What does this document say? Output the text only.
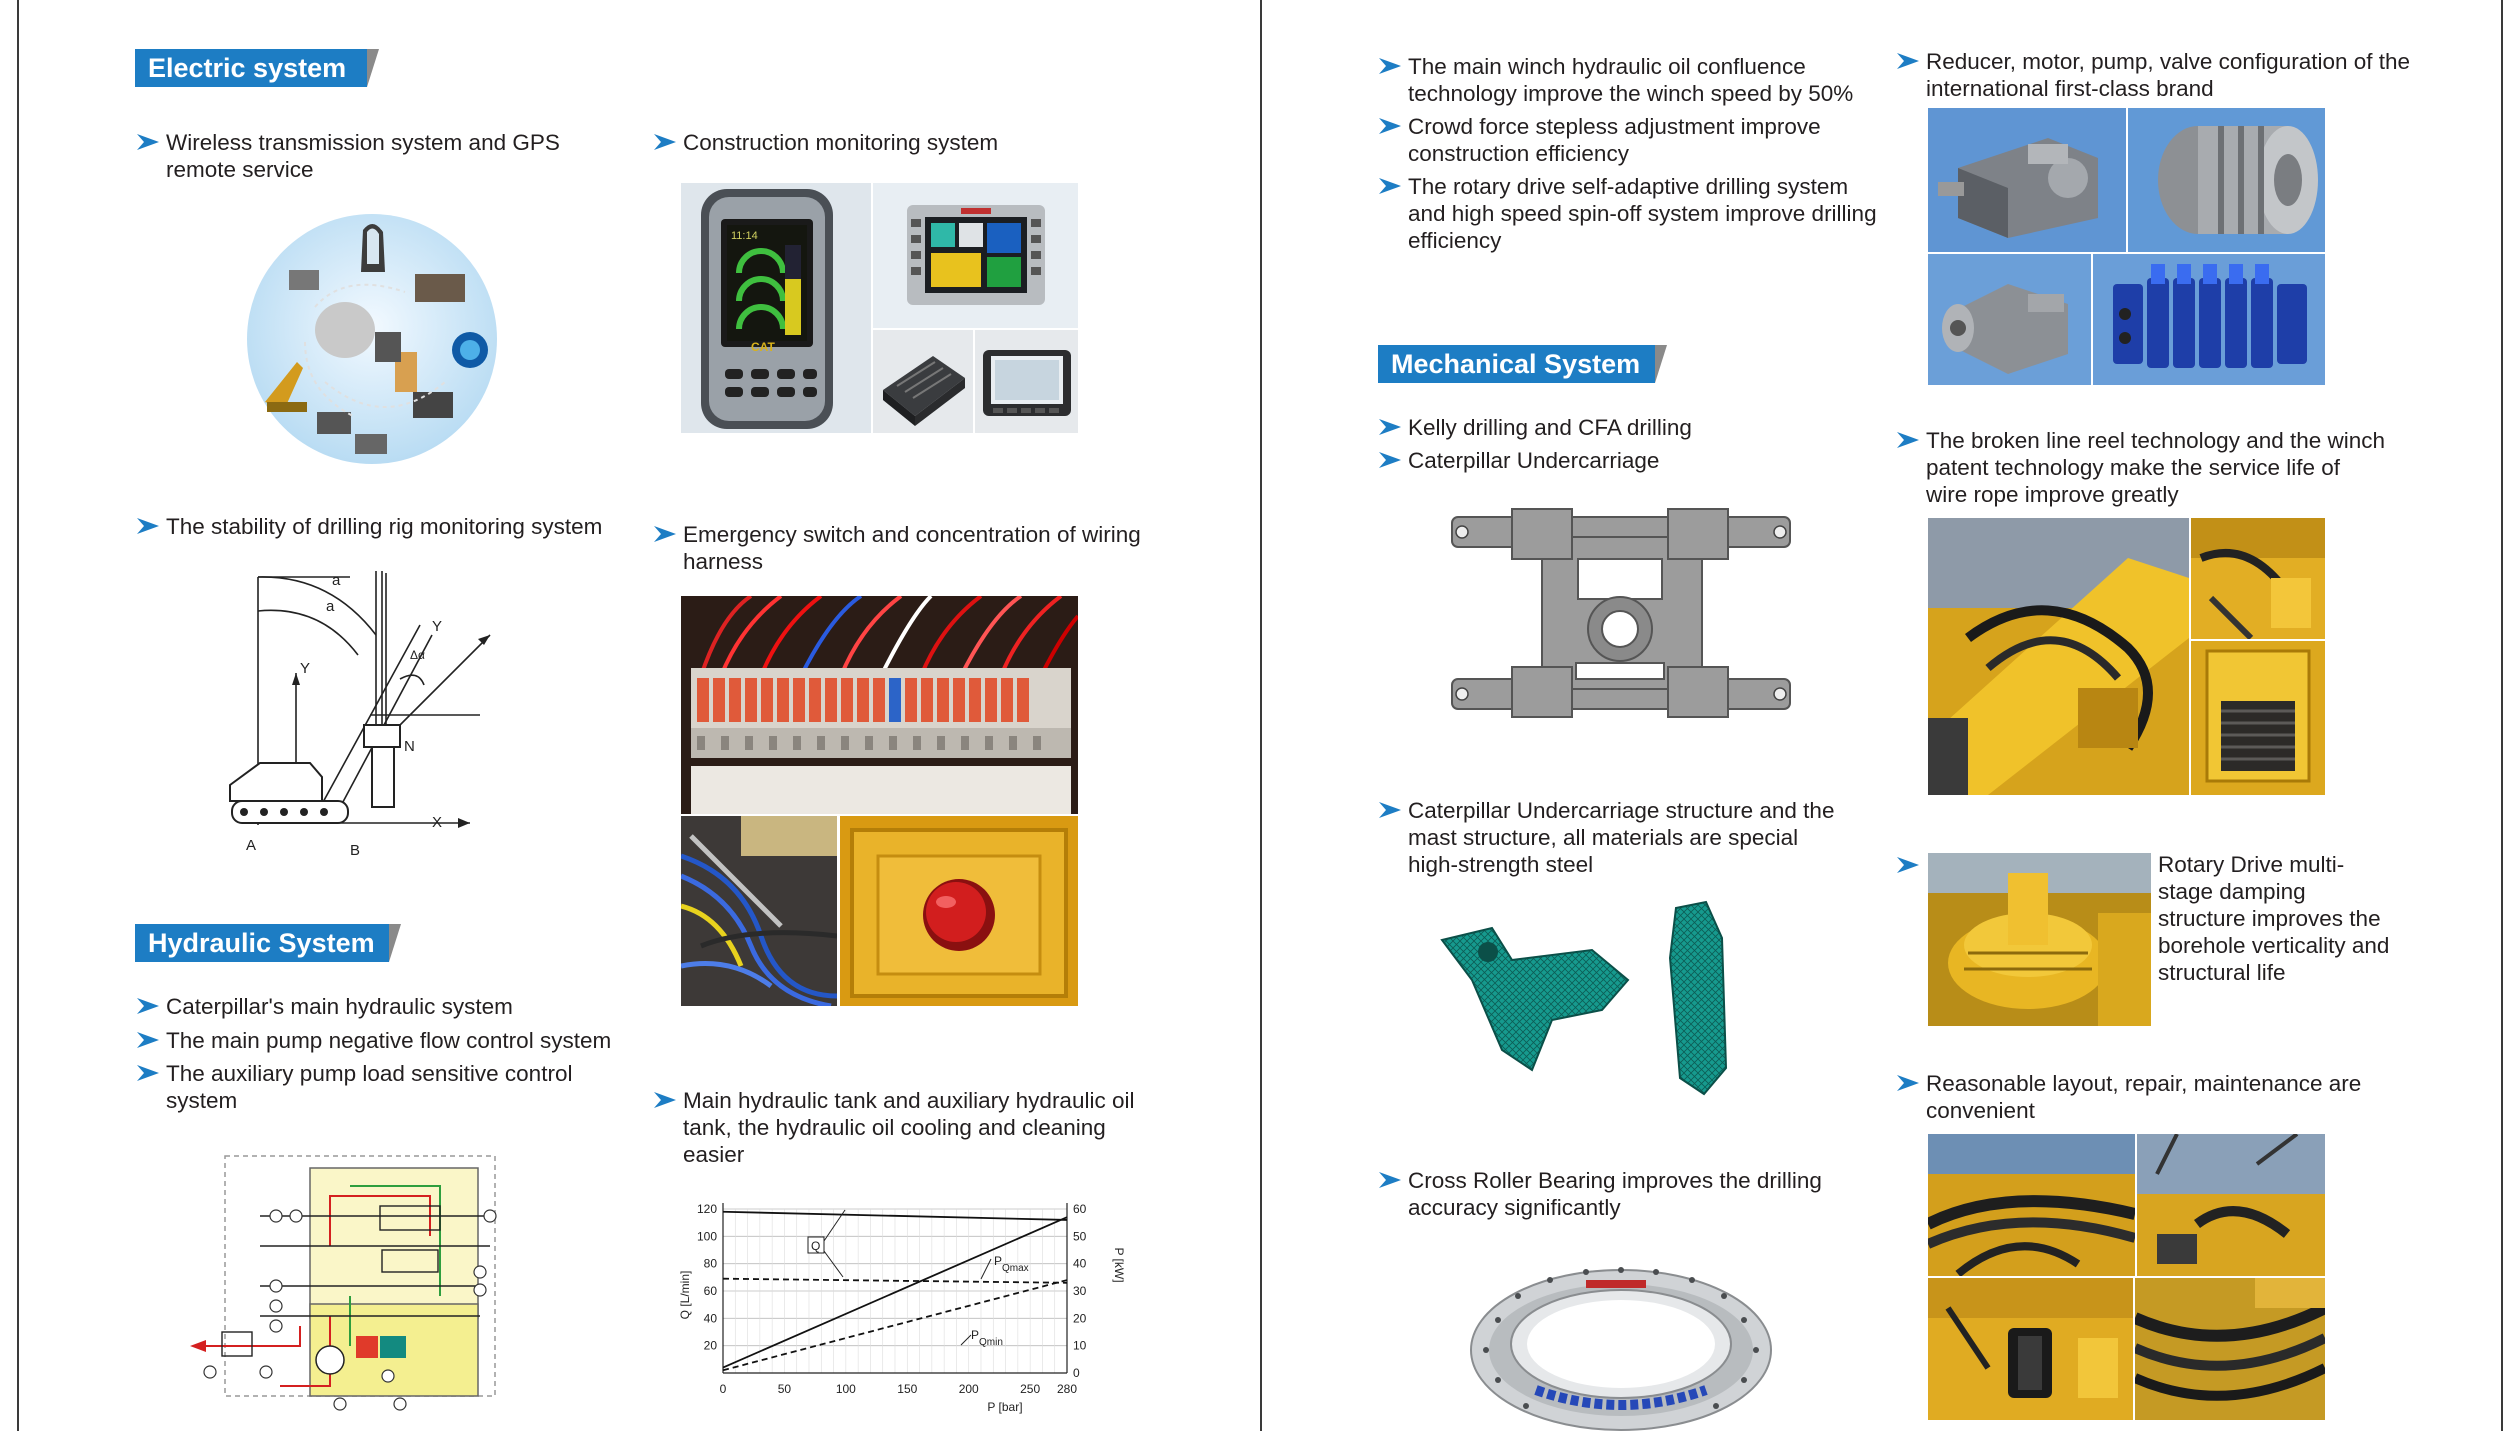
Electric system
Wireless transmission system and GPS remote service
Construction monitoring system
11:14
CAT
The stability of drilling rig monitoring system	Emergency switch and concentration of wiring harness
a
a
Y
Δα
Y
N
X
A	B
Hydraulic System
Caterpillar's main hydraulic system
The main pump negative flow control system
The auxiliary pump load sensitive control system	Main hydraulic tank and auxiliary hydraulic oil tank, the hydraulic oil cooling and cleaning easier
0	50	100	150	200	250 280
20
40
60
80
100
120
0
10
20
30
40
50
60
P [bar]
Q [L/min]
P [kW]
Q
P
Qmax
P
Qmin
The main winch hydraulic oil confluence technology improve the winch speed by 50%
Crowd force stepless adjustment improve construction efficiency
The rotary drive self-adaptive drilling system and high speed spin-off system improve drilling efficiency
Reducer, motor, pump, valve configuration of the international first-class brand
Mechanical System
Kelly drilling and CFA drilling
Caterpillar Undercarriage
The broken line reel technology and the winch patent technology make the service life of wire rope improve greatly
Caterpillar Undercarriage structure and the mast structure, all materials are special high-strength steel	Rotary Drive multi-stage damping structure improves the borehole verticality and structural life
Reasonable layout, repair, maintenance are convenient
Cross Roller Bearing improves the drilling accuracy significantly
